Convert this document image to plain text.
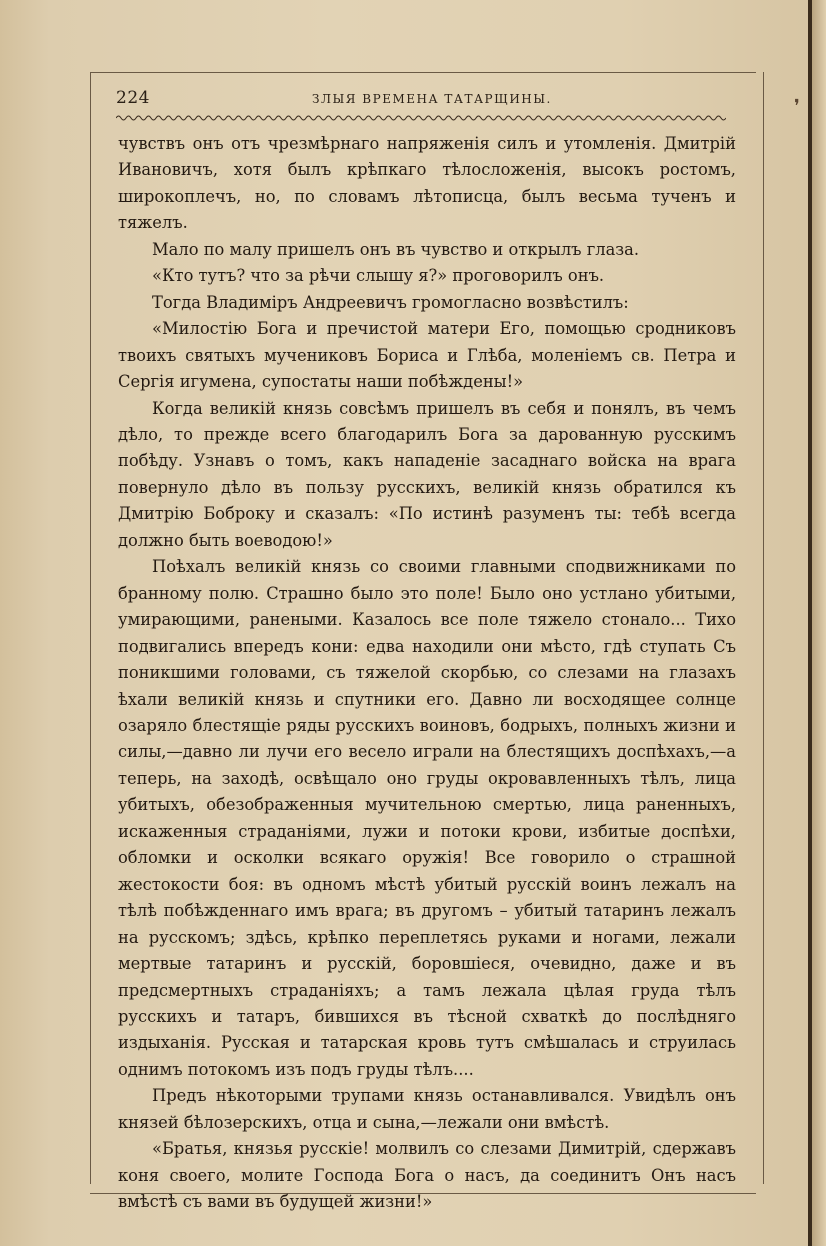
224	ЗЛЫЯ ВРЕМЕНА ТАТАРЩИНЫ.	❜

чувствъ онъ отъ чрезмѣрнаго напряженія силъ и утомленія. Дмитрій Ивановичъ, хотя былъ крѣпкаго тѣлосложенія, высокъ ростомъ, широкоплечъ, но, по словамъ лѣтописца, былъ весьма тученъ и тяжелъ.

Мало по малу пришелъ онъ въ чувство и открылъ глаза.

«Кто тутъ? что за рѣчи слышу я?» проговорилъ онъ.

Тогда Владиміръ Андреевичъ громогласно возвѣстилъ:

«Милостію Бога и пречистой матери Его, помощью сродниковъ твоихъ святыхъ мучениковъ Бориса и Глѣба, моленіемъ св. Петра и Сергія игумена, супостаты наши побѣждены!»

Когда великій князь совсѣмъ пришелъ въ себя и понялъ, въ чемъ дѣло, то прежде всего благодарилъ Бога за дарованную русскимъ побѣду. Узнавъ о томъ, какъ нападеніе засаднаго войска на врага повернуло дѣло въ пользу русскихъ, великій князь обратился къ Дмитрію Боброку и сказалъ: «По истинѣ разуменъ ты: тебѣ всегда должно быть воеводою!»

Поѣхалъ великій князь со своими главными сподвижниками по бранному полю. Страшно было это поле! Было оно устлано убитыми, умирающими, ранеными. Казалось все поле тяжело стонало... Тихо подвигались впередъ кони: едва находили они мѣсто, гдѣ ступать Съ поникшими головами, съ тяжелой скорбью, со слезами на глазахъ ѣхали великій князь и спутники его. Давно ли восходящее солнце озаряло блестящіе ряды русскихъ воиновъ, бодрыхъ, полныхъ жизни и силы,—давно ли лучи его весело играли на блестящихъ доспѣхахъ,—а теперь, на заходѣ, освѣщало оно груды окровавленныхъ тѣлъ, лица убитыхъ, обезображенныя мучительною смертью, лица раненныхъ, искаженныя страданіями, лужи и потоки крови, избитые доспѣхи, обломки и осколки всякаго оружія! Все говорило о страшной жестокости боя: въ одномъ мѣстѣ убитый русскій воинъ лежалъ на тѣлѣ побѣжденнаго имъ врага; въ другомъ – убитый татаринъ лежалъ на русскомъ; здѣсь, крѣпко переплетясь руками и ногами, лежали мертвые татаринъ и русскій, боровшіеся, очевидно, даже и въ предсмертныхъ страданіяхъ; а тамъ лежала цѣлая груда тѣлъ русскихъ и татаръ, бившихся въ тѣсной схваткѣ до послѣдняго издыханія. Русская и татарская кровь тутъ смѣшалась и струилась однимъ потокомъ изъ подъ груды тѣлъ....

Предъ нѣкоторыми трупами князь останавливался. Увидѣлъ онъ князей бѣлозерскихъ, отца и сына,—лежали они вмѣстѣ.

«Братья, князья русскіе! молвилъ со слезами Димитрій, сдержавъ коня своего, молите Господа Бога о насъ, да соединитъ Онъ насъ вмѣстѣ съ вами въ будущей жизни!»
